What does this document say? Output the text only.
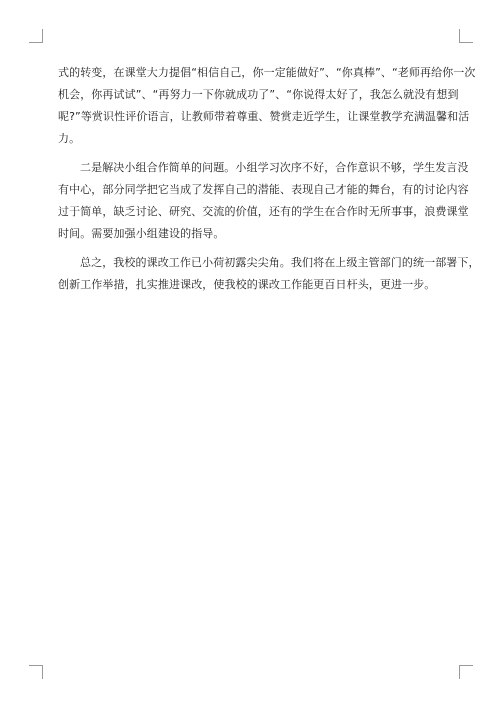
式的转变，在课堂大力提倡“相信自己，你一定能做好”、“你真棒”、“老师再给你一次
机会，你再试试”、“再努力一下你就成功了”、“你说得太好了，我怎么就没有想到
呢?”等赏识性评价语言，让教师带着尊重、赞赏走近学生，让课堂教学充满温馨和活
力。
二是解决小组合作简单的问题。小组学习次序不好，合作意识不够，学生发言没
有中心，部分同学把它当成了发挥自己的潜能、表现自己才能的舞台，有的讨论内容
过于简单，缺乏讨论、研究、交流的价值，还有的学生在合作时无所事事，浪费课堂
时间。需要加强小组建设的指导。
总之，我校的课改工作已小荷初露尖尖角。我们将在上级主管部门的统一部署下，
创新工作举措，扎实推进课改，使我校的课改工作能更百日杆头，更进一步。
